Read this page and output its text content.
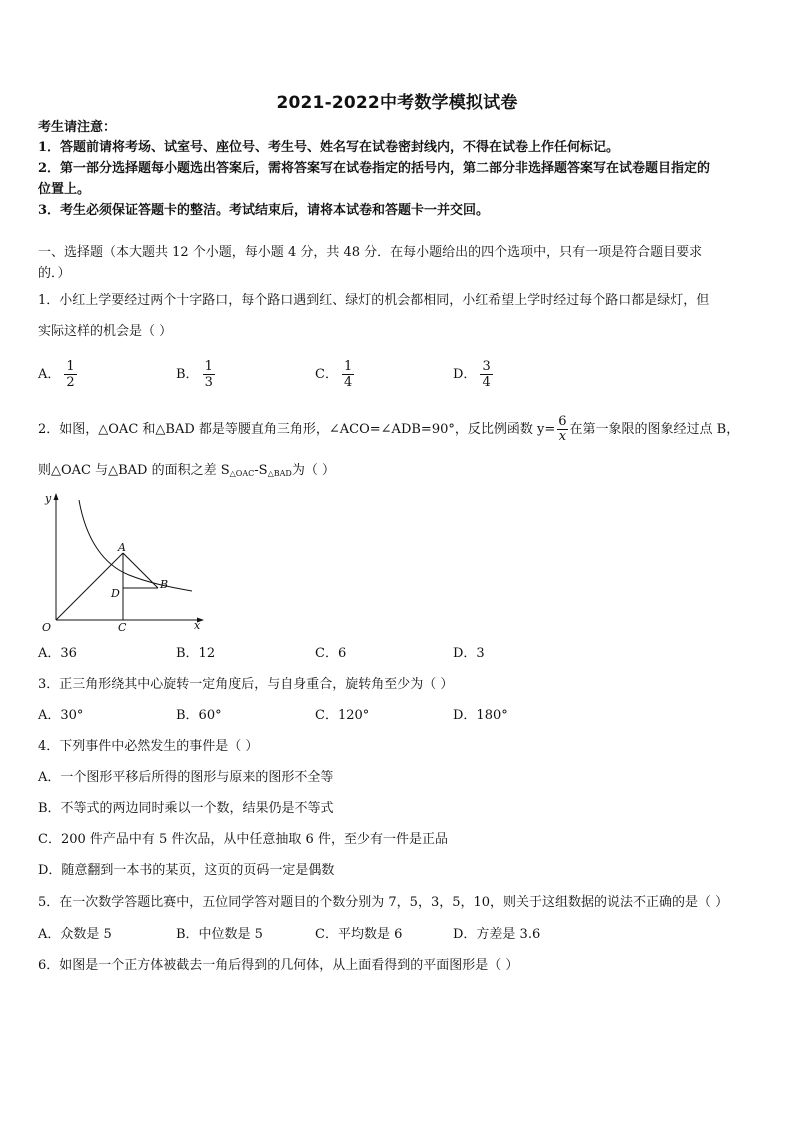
2021-2022中考数学模拟试卷
考生请注意：
1．答题前请将考场、试室号、座位号、考生号、姓名写在试卷密封线内，不得在试卷上作任何标记。
2．第一部分选择题每小题选出答案后，需将答案写在试卷指定的括号内，第二部分非选择题答案写在试卷题目指定的
位置上。
3．考生必须保证答题卡的整洁。考试结束后，请将本试卷和答题卡一并交回。
一、选择题（本大题共 12 个小题，每小题 4 分，共 48 分．在每小题给出的四个选项中，只有一项是符合题目要求
的．）
1．小红上学要经过两个十字路口，每个路口遇到红、绿灯的机会都相同，小红希望上学时经过每个路口都是绿灯，但
实际这样的机会是（ ）
A． $\frac{1}{2}$	B． $\frac{1}{3}$	C． $\frac{1}{4}$	D． $\frac{3}{4}$
2．如图，△OAC 和△BAD 都是等腰直角三角形，∠ACO=∠ADB=90°，反比例函数 $y= \frac{6}{x}$ 在第一象限的图象经过点 B，
则△OAC 与△BAD 的面积之差 $S_{\triangle OAC}-S_{\triangle BAD}$为（ ）
y
x
O
A
B
C
D
A．36	B．12	C．6	D．3
3．正三角形绕其中心旋转一定角度后，与自身重合，旋转角至少为（ ）
A．30°	B．60°	C．120°	D．180°
4．下列事件中必然发生的事件是（ ）
A．一个图形平移后所得的图形与原来的图形不全等
B．不等式的两边同时乘以一个数，结果仍是不等式
C．200 件产品中有 5 件次品，从中任意抽取 6 件，至少有一件是正品
D．随意翻到一本书的某页，这页的页码一定是偶数
5．在一次数学答题比赛中，五位同学答对题目的个数分别为 7，5，3，5，10，则关于这组数据的说法不正确的是（ ）
A．众数是 5	B．中位数是 5	C．平均数是 6	D．方差是 3.6
6．如图是一个正方体被截去一角后得到的几何体，从上面看得到的平面图形是（ ）
